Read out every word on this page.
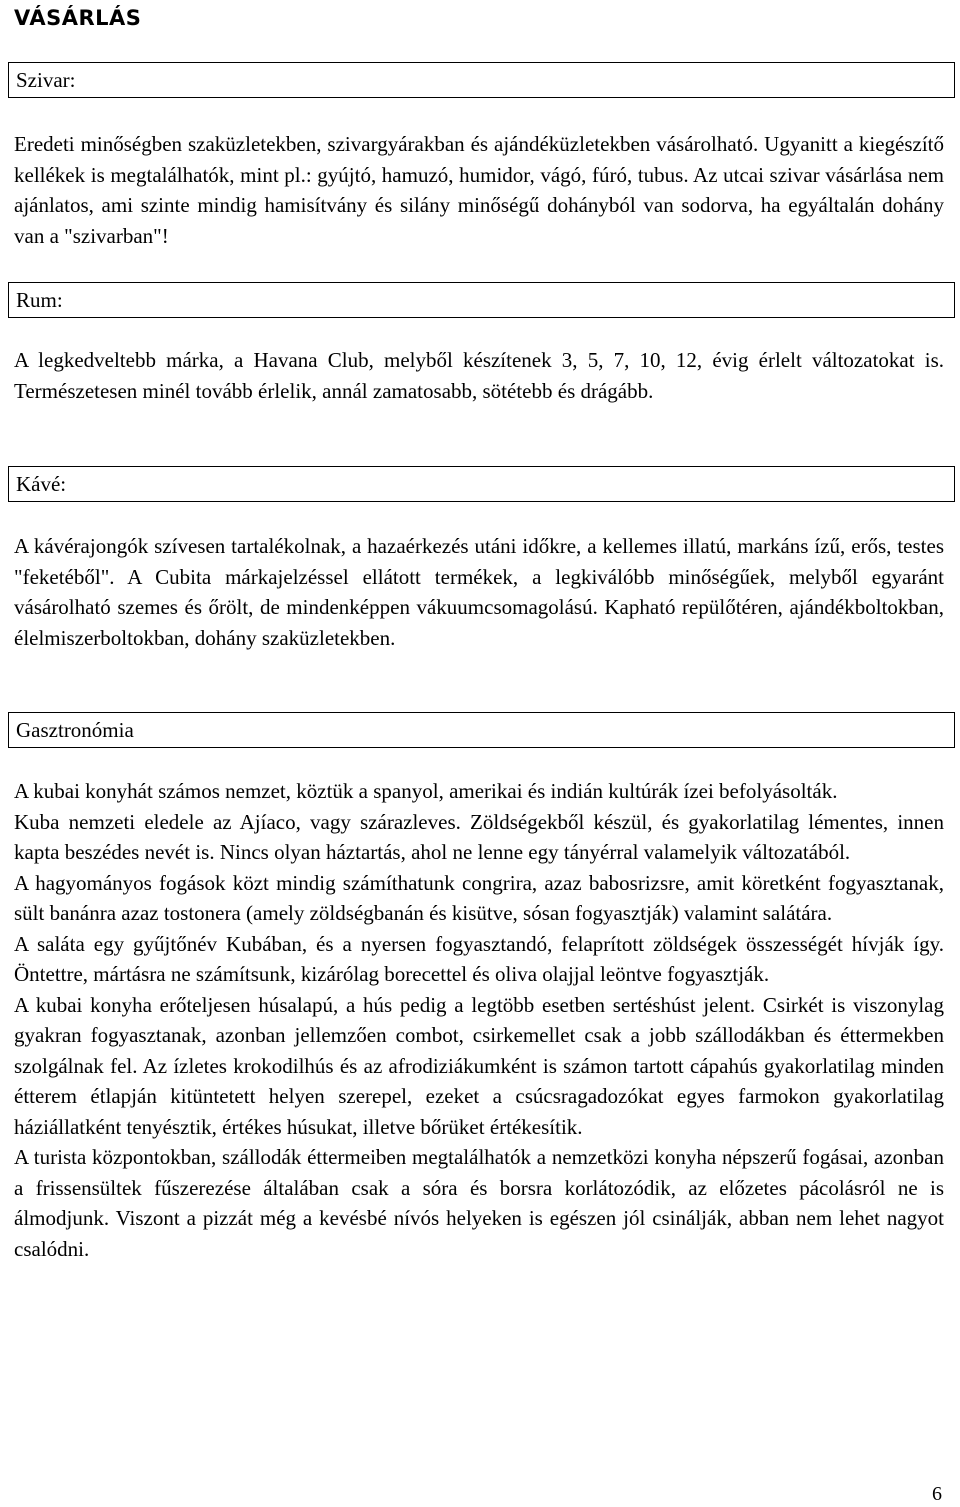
VÁSÁRLÁS
Szivar:

Eredeti minőségben szaküzletekben, szivargyárakban és ajándéküzletekben vásárolható. Ugyanitt a kiegészítő kellékek is megtalálhatók, mint pl.: gyújtó, hamuzó, humidor, vágó, fúró, tubus. Az utcai szivar vásárlása nem ajánlatos, ami szinte mindig hamisítvány és silány minőségű dohányból van sodorva, ha egyáltalán dohány van a "szivarban"!

Rum:

A legkedveltebb márka, a Havana Club, melyből készítenek 3, 5, 7, 10, 12, évig érlelt változatokat is. Természetesen minél tovább érlelik, annál zamatosabb, sötétebb és drágább.

Kávé:

A kávérajongók szívesen tartalékolnak, a hazaérkezés utáni időkre, a kellemes illatú, markáns ízű, erős, testes "feketéből". A Cubita márkajelzéssel ellátott termékek, a legkiválóbb minőségűek, melyből egyaránt vásárolható szemes és őrölt, de mindenképpen vákuumcsomagolású. Kapható repülőtéren, ajándékboltokban, élelmiszerboltokban, dohány szaküzletekben.

Gasztronómia

A kubai konyhát számos nemzet, köztük a spanyol, amerikai és indián kultúrák ízei befolyásolták.

Kuba nemzeti eledele az Ajíaco, vagy szárazleves. Zöldségekből készül, és gyakorlatilag lémentes, innen kapta beszédes nevét is. Nincs olyan háztartás, ahol ne lenne egy tányérral valamelyik változatából.

A hagyományos fogások közt mindig számíthatunk congrira, azaz babosrizsre, amit köretként fogyasztanak, sült banánra azaz tostonera (amely zöldségbanán és kisütve, sósan fogyasztják) valamint salátára.

A saláta egy gyűjtőnév Kubában, és a nyersen fogyasztandó, felaprított zöldségek összességét hívják így. Öntettre, mártásra ne számítsunk, kizárólag borecettel és oliva olajjal leöntve fogyasztják.

A kubai konyha erőteljesen húsalapú, a hús pedig a legtöbb esetben sertéshúst jelent. Csirkét is viszonylag gyakran fogyasztanak, azonban jellemzően combot, csirkemellet csak a jobb szállodákban és éttermekben szolgálnak fel. Az ízletes krokodilhús és az afrodiziákumként is számon tartott cápahús gyakorlatilag minden étterem étlapján kitüntetett helyen szerepel, ezeket a csúcsragadozókat egyes farmokon gyakorlatilag háziállatként tenyésztik, értékes húsukat, illetve bőrüket értékesítik.

A turista központokban, szállodák éttermeiben megtalálhatók a nemzetközi konyha népszerű fogásai, azonban a frissensültek fűszerezése általában csak a sóra és borsra korlátozódik, az előzetes pácolásról ne is álmodjunk. Viszont a pizzát még a kevésbé nívós helyeken is egészen jól csinálják, abban nem lehet nagyot csalódni.

6
